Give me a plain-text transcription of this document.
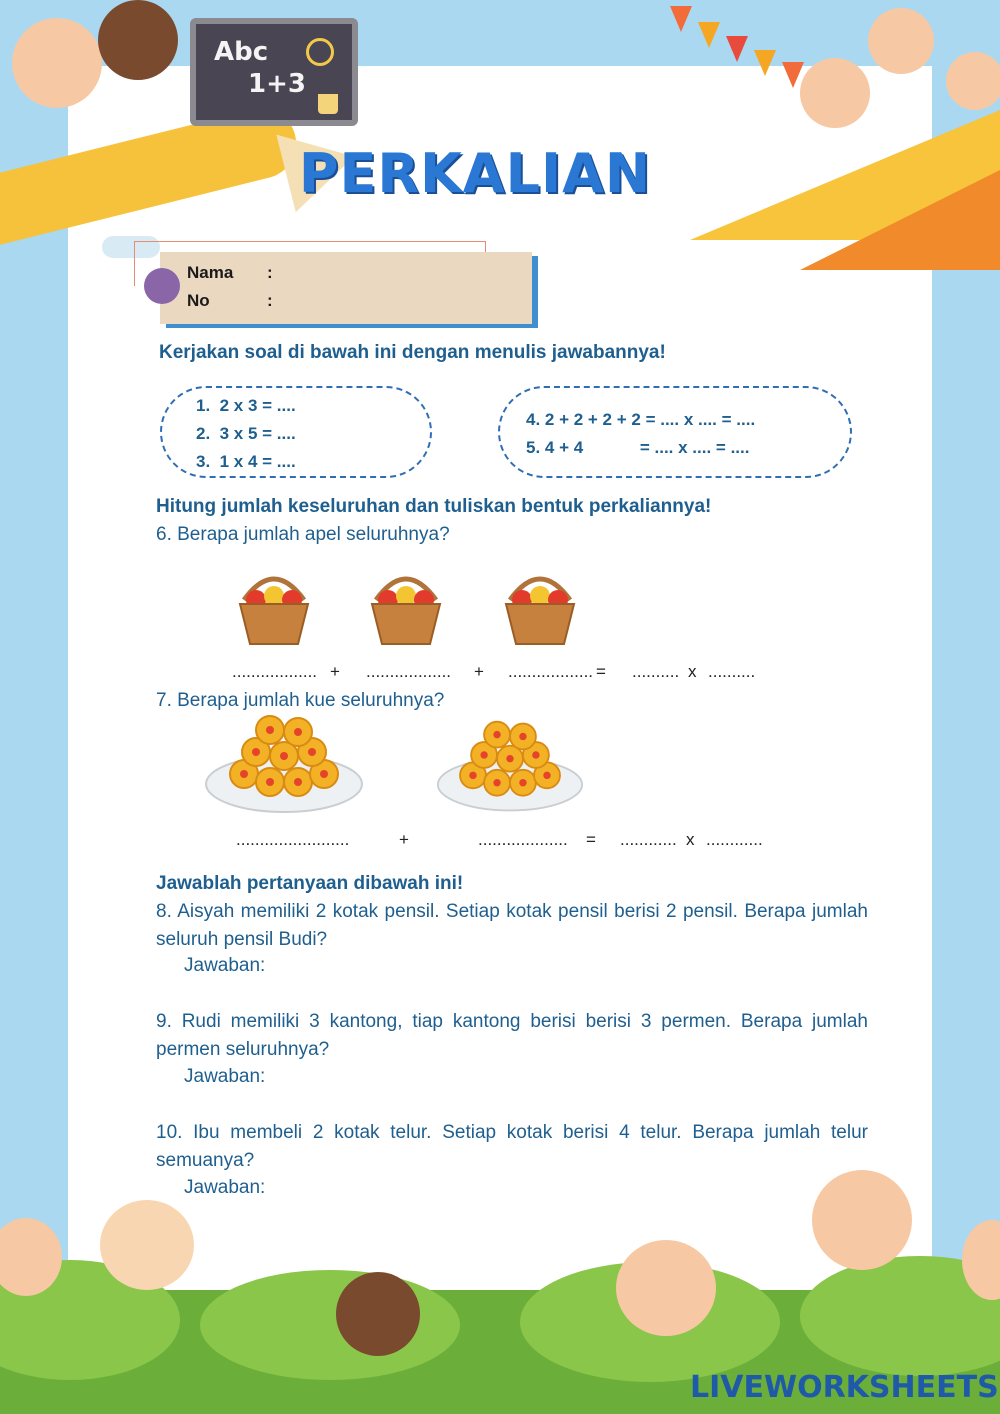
Abc
1+3
PERKALIAN
Nama :
No	:
Kerjakan soal di bawah ini dengan menulis jawabannya!
1.  2 x 3 = ....
2.  3 x 5 = ....
3.  1 x 4 = ....
4. 2 + 2 + 2 + 2 = .... x .... = ....
5. 4 + 4            = .... x .... = ....
Hitung jumlah keseluruhan dan tuliskan bentuk perkaliannya!
6. Berapa jumlah apel seluruhnya?
.................. + .................. + .................. = .......... x ..........
7. Berapa jumlah kue seluruhnya?
........................	+	................... = ............ x ............
Jawablah pertanyaan dibawah ini!
8. Aisyah memiliki 2 kotak pensil. Setiap kotak pensil berisi 2 pensil. Berapa jumlah seluruh pensil Budi?
Jawaban:
9. Rudi memiliki 3 kantong, tiap kantong berisi berisi 3 permen. Berapa jumlah permen seluruhnya?
Jawaban:
10. Ibu membeli 2 kotak telur. Setiap kotak berisi 4 telur. Berapa jumlah telur semuanya?
Jawaban:
LIVEWORKSHEETS
